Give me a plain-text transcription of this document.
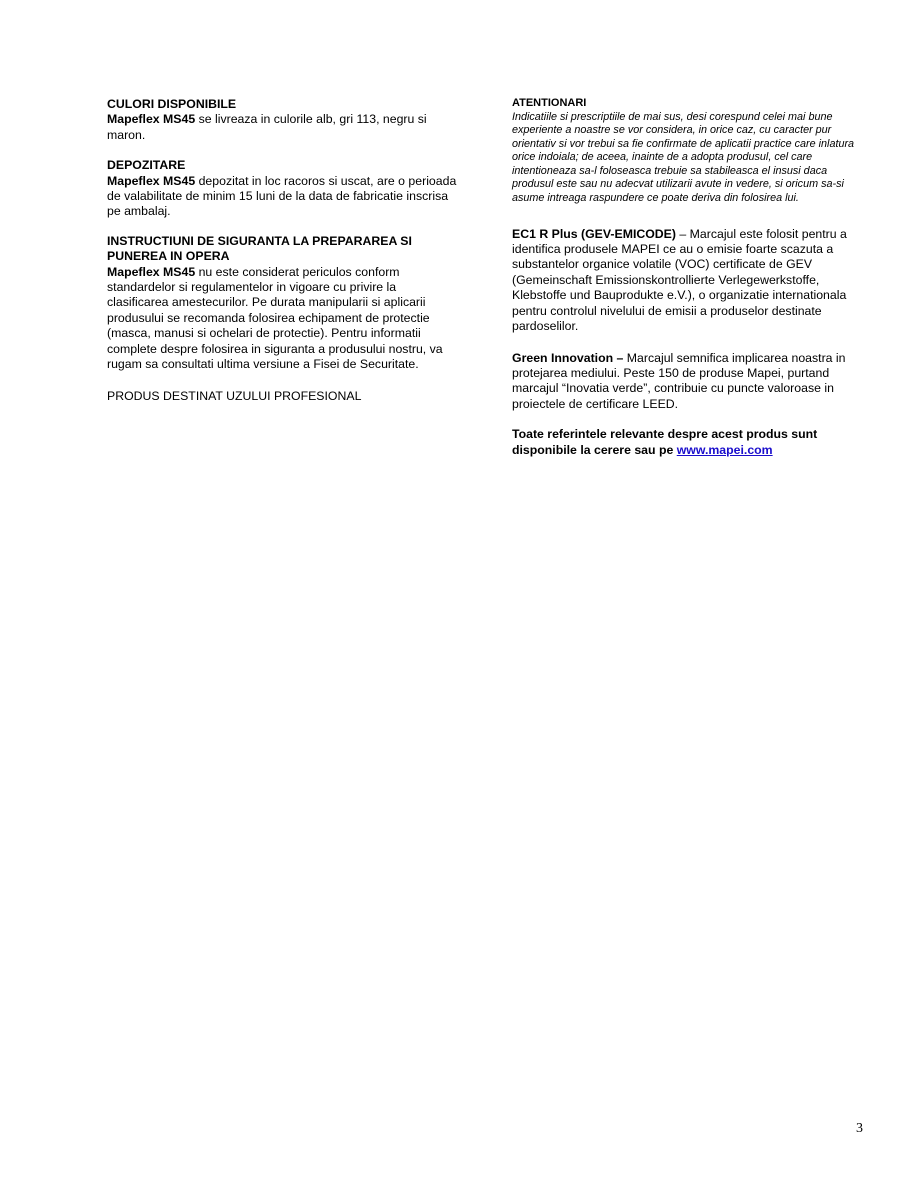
CULORI DISPONIBILE
Mapeflex MS45 se livreaza in culorile alb, gri 113, negru si maron.
DEPOZITARE
Mapeflex MS45 depozitat in loc racoros si uscat, are o perioada de valabilitate de minim 15 luni de la data de fabricatie inscrisa pe ambalaj.
INSTRUCTIUNI DE SIGURANTA LA PREPARAREA SI PUNEREA IN OPERA
Mapeflex MS45 nu este considerat periculos conform standardelor si regulamentelor in vigoare cu privire la clasificarea amestecurilor. Pe durata manipularii si aplicarii produsului se recomanda folosirea echipament de protectie (masca, manusi si ochelari de protectie). Pentru informatii complete despre folosirea in siguranta a produsului nostru, va rugam sa consultati ultima versiune a Fisei de Securitate.
PRODUS DESTINAT UZULUI PROFESIONAL
ATENTIONARI
Indicatiile si prescriptiile de mai sus, desi corespund celei mai bune experiente a noastre se vor considera, in orice caz, cu caracter pur orientativ si vor trebui sa fie confirmate de aplicatii practice care inlatura orice indoiala; de aceea, inainte de a adopta produsul, cel care intentioneaza sa-l foloseasca trebuie sa stabileasca el insusi daca produsul este sau nu adecvat utilizarii avute in vedere, si oricum sa-si asume intreaga raspundere ce poate deriva din folosirea lui.
EC1 R Plus (GEV-EMICODE) – Marcajul este folosit pentru a identifica produsele MAPEI ce au o emisie foarte scazuta a substantelor organice volatile (VOC) certificate de GEV (Gemeinschaft Emissionskontrollierte Verlegewerkstoffe, Klebstoffe und Bauprodukte e.V.), o organizatie internationala pentru controlul nivelului de emisii a produselor destinate pardoselilor.
Green Innovation – Marcajul semnifica implicarea noastra in protejarea mediului. Peste 150 de produse Mapei, purtand marcajul “Inovatia verde”, contribuie cu puncte valoroase in proiectele de certificare LEED.
Toate referintele relevante despre acest produs sunt disponibile la cerere sau pe www.mapei.com
3
